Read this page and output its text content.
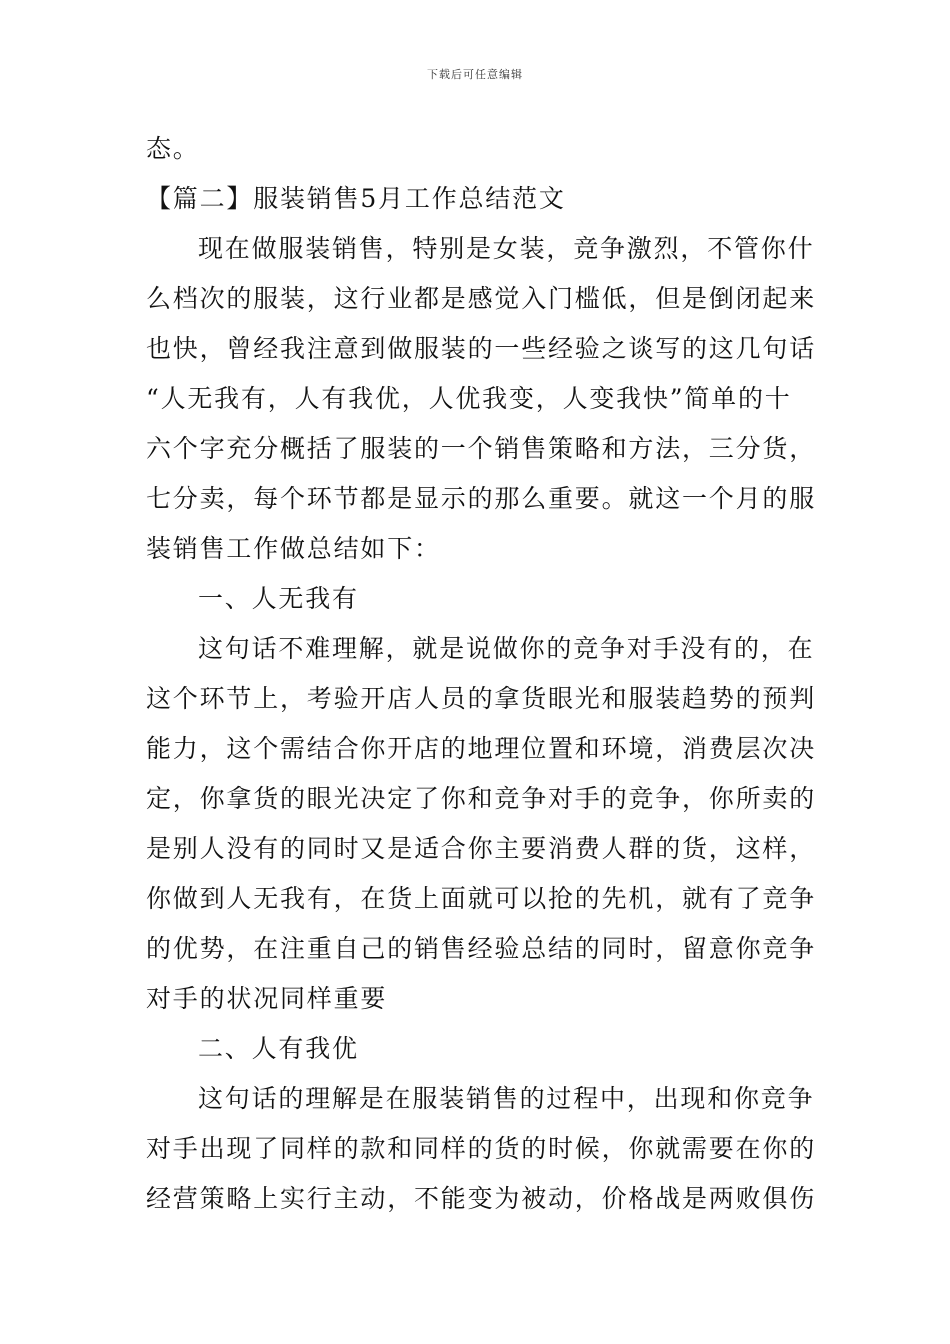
下载后可任意编辑
态。
【篇二】服装销售5月工作总结范文
现在做服装销售，特别是女装，竞争激烈，不管你什
么档次的服装，这行业都是感觉入门槛低，但是倒闭起来
也快，曾经我注意到做服装的一些经验之谈写的这几句话
“人无我有，人有我优，人优我变，人变我快”简单的十
六个字充分概括了服装的一个销售策略和方法，三分货，
七分卖，每个环节都是显示的那么重要。就这一个月的服
装销售工作做总结如下：
一、人无我有
这句话不难理解，就是说做你的竞争对手没有的，在
这个环节上，考验开店人员的拿货眼光和服装趋势的预判
能力，这个需结合你开店的地理位置和环境，消费层次决
定，你拿货的眼光决定了你和竞争对手的竞争，你所卖的
是别人没有的同时又是适合你主要消费人群的货，这样，
你做到人无我有，在货上面就可以抢的先机，就有了竞争
的优势，在注重自己的销售经验总结的同时，留意你竞争
对手的状况同样重要
二、人有我优
这句话的理解是在服装销售的过程中，出现和你竞争
对手出现了同样的款和同样的货的时候，你就需要在你的
经营策略上实行主动，不能变为被动，价格战是两败俱伤
